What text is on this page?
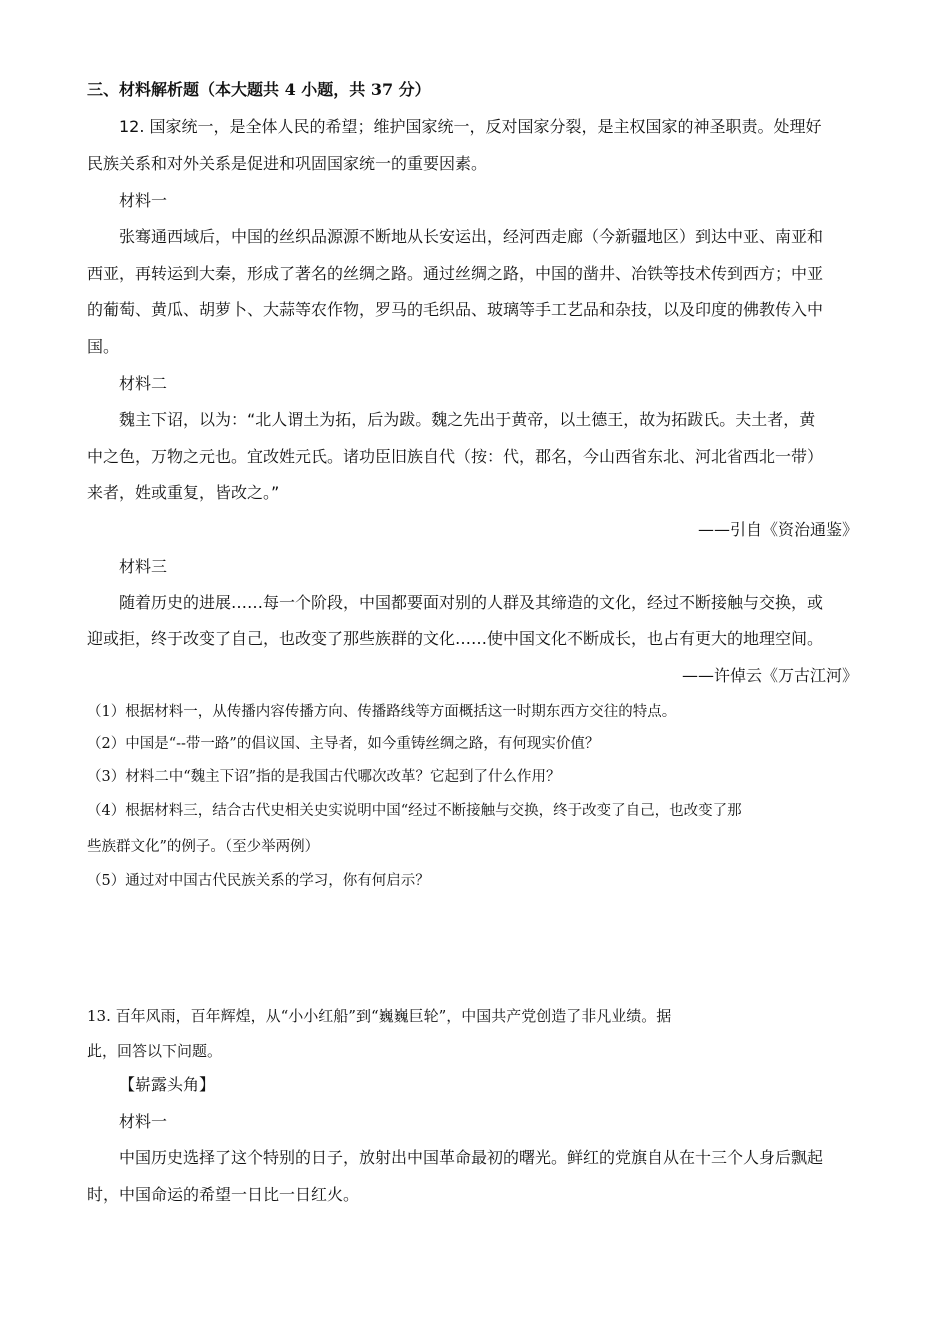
三、材料解析题（本大题共 4 小题，共 37 分）
12. 国家统一，是全体人民的希望；维护国家统一，反对国家分裂，是主权国家的神圣职责。处理好
民族关系和对外关系是促进和巩固国家统一的重要因素。
材料一
张骞通西域后，中国的丝织品源源不断地从长安运出，经河西走廊（今新疆地区）到达中亚、南亚和
西亚，再转运到大秦，形成了著名的丝绸之路。通过丝绸之路，中国的凿井、冶铁等技术传到西方；中亚
的葡萄、黄瓜、胡萝卜、大蒜等农作物，罗马的毛织品、玻璃等手工艺品和杂技，以及印度的佛教传入中
国。
材料二
魏主下诏，以为：“北人谓土为拓，后为跋。魏之先出于黄帝，以土德王，故为拓跋氏。夫土者，黄
中之色，万物之元也。宜改姓元氏。诸功臣旧族自代（按：代，郡名，今山西省东北、河北省西北一带）
来者，姓或重复，皆改之。”
——引自《资治通鉴》
材料三
随着历史的进展……每一个阶段，中国都要面对别的人群及其缔造的文化，经过不断接触与交换，或
迎或拒，终于改变了自己，也改变了那些族群的文化……使中国文化不断成长，也占有更大的地理空间。
——许倬云《万古江河》
（1）根据材料一，从传播内容传播方向、传播路线等方面概括这一时期东西方交往的特点。
（2）中国是“--带一路”的倡议国、主导者，如今重铸丝绸之路，有何现实价值？
（3）材料二中“魏主下诏”指的是我国古代哪次改革？它起到了什么作用？
（4）根据材料三，结合古代史相关史实说明中国“经过不断接触与交换，终于改变了自己，也改变了那
些族群文化”的例子。（至少举两例）
（5）通过对中国古代民族关系的学习，你有何启示？
13. 百年风雨，百年辉煌，从“小小红船”到“巍巍巨轮”，中国共产党创造了非凡业绩。据
此，回答以下问题。
【崭露头角】
材料一
中国历史选择了这个特别的日子，放射出中国革命最初的曙光。鲜红的党旗自从在十三个人身后飘起
时，中国命运的希望一日比一日红火。
